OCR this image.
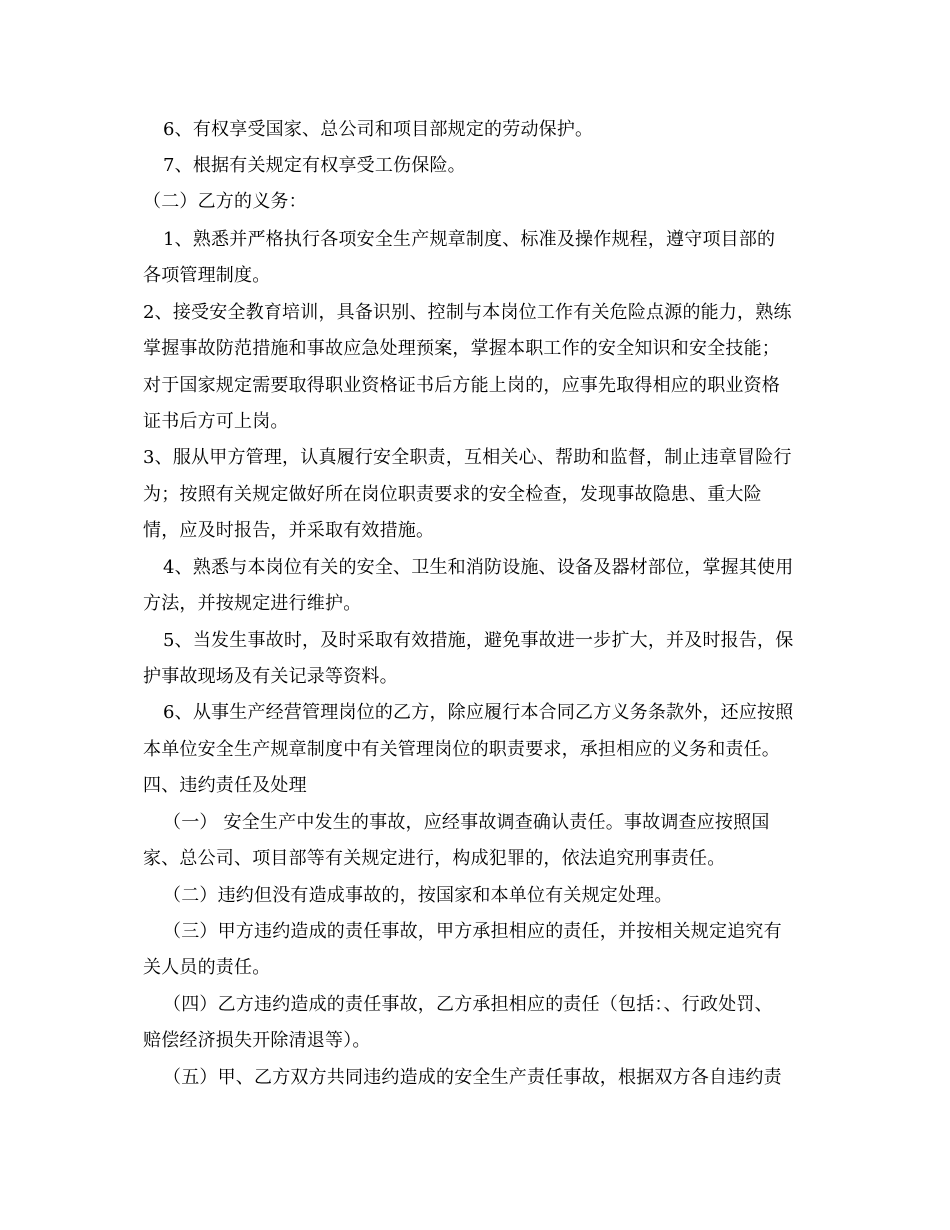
6、有权享受国家、总公司和项目部规定的劳动保护。
7、根据有关规定有权享受工伤保险。
（二）乙方的义务：
1、熟悉并严格执行各项安全生产规章制度、标准及操作规程，遵守项目部的
各项管理制度。
2、接受安全教育培训，具备识别、控制与本岗位工作有关危险点源的能力，熟练
掌握事故防范措施和事故应急处理预案，掌握本职工作的安全知识和安全技能；
对于国家规定需要取得职业资格证书后方能上岗的，应事先取得相应的职业资格
证书后方可上岗。
3、服从甲方管理，认真履行安全职责，互相关心、帮助和监督，制止违章冒险行
为；按照有关规定做好所在岗位职责要求的安全检查，发现事故隐患、重大险
情，应及时报告，并采取有效措施。
4、熟悉与本岗位有关的安全、卫生和消防设施、设备及器材部位，掌握其使用
方法，并按规定进行维护。
5、当发生事故时，及时采取有效措施，避免事故进一步扩大，并及时报告，保
护事故现场及有关记录等资料。
6、从事生产经营管理岗位的乙方，除应履行本合同乙方义务条款外，还应按照
本单位安全生产规章制度中有关管理岗位的职责要求，承担相应的义务和责任。
四、违约责任及处理
（一） 安全生产中发生的事故，应经事故调查确认责任。事故调查应按照国
家、总公司、项目部等有关规定进行，构成犯罪的，依法追究刑事责任。
（二）违约但没有造成事故的，按国家和本单位有关规定处理。
（三）甲方违约造成的责任事故，甲方承担相应的责任，并按相关规定追究有
关人员的责任。
（四）乙方违约造成的责任事故，乙方承担相应的责任（包括：、行政处罚、
赔偿经济损失开除清退等）。
（五）甲、乙方双方共同违约造成的安全生产责任事故，根据双方各自违约责
